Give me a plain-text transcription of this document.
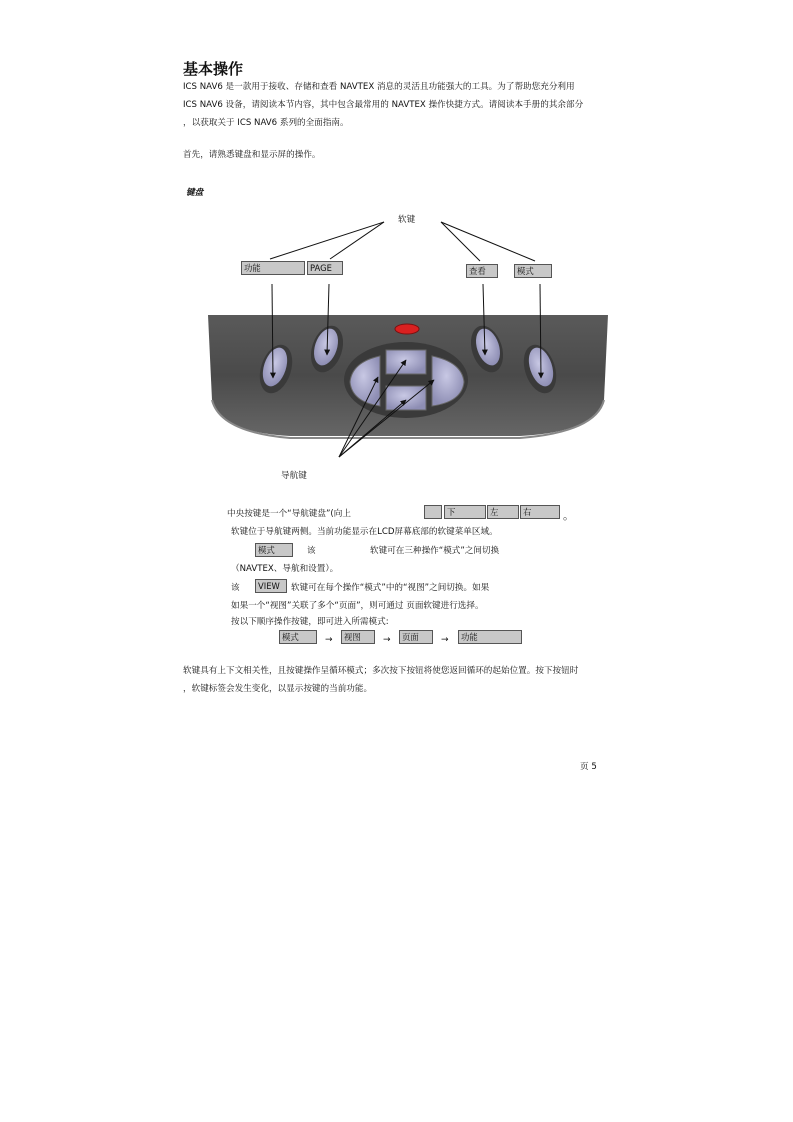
基本操作
ICS NAV6 是一款用于接收、存储和查看 NAVTEX 消息的灵活且功能强大的工具。为了帮助您充分利用
ICS NAV6 设备，请阅读本节内容，其中包含最常用的 NAVTEX 操作快捷方式。请阅读本手册的其余部分
，以获取关于 ICS NAV6 系列的全面指南。
首先，请熟悉键盘和显示屏的操作。
键盘
软键
导航键
功能	PAGE	查看	模式
中央按键是一个“导航键盘”(向上	下	左	右	。
软键位于导航键两侧。当前功能显示在LCD屏幕底部的软键菜单区域。
模式	该	软键可在三种操作“模式”之间切换
（NAVTEX、导航和设置）。
该	VIEW	软键可在每个操作“模式”中的“视图”之间切换。如果
如果一个“视图”关联了多个“页面”，则可通过 页面软键进行选择。
按以下顺序操作按键，即可进入所需模式:
模式	→	视图	→	页面	→	功能
软键具有上下文相关性，且按键操作呈循环模式；多次按下按钮将使您返回循环的起始位置。按下按钮时
，软键标签会发生变化，以显示按键的当前功能。
页 5
